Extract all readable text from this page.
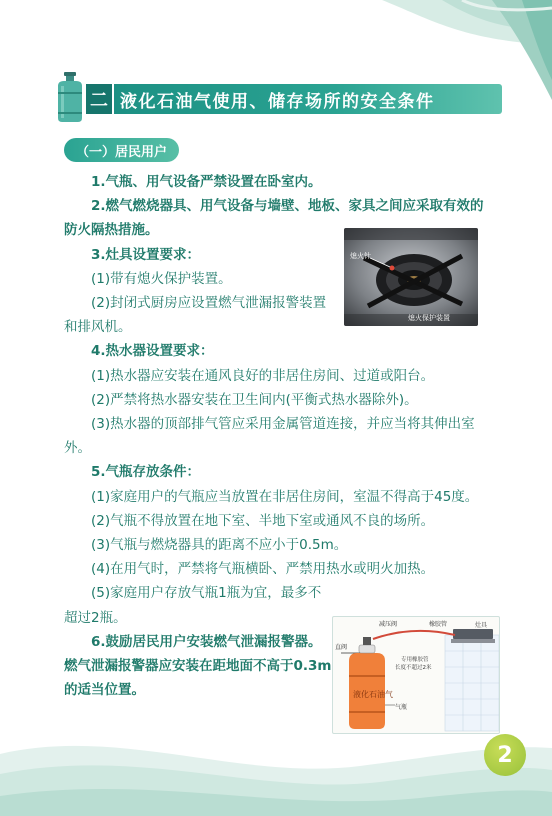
二 液化石油气使用、储存场所的安全条件
（一）居民用户

1.气瓶、用气设备严禁设置在卧室内。

2.燃气燃烧器具、用气设备与墙壁、地板、家具之间应采取有效的防火隔热措施。

3.灶具设置要求：

(1)带有熄火保护装置。

(2)封闭式厨房应设置燃气泄漏报警装置和排风机。

4.热水器设置要求：

(1)热水器应安装在通风良好的非居住房间、过道或阳台。

(2)严禁将热水器安装在卫生间内(平衡式热水器除外)。

(3)热水器的顶部排气管应采用金属管道连接，并应当将其伸出室外。

5.气瓶存放条件：

(1)家庭用户的气瓶应当放置在非居住房间，室温不得高于45度。

(2)气瓶不得放置在地下室、半地下室或通风不良的场所。

(3)气瓶与燃烧器具的距离不应小于0.5m。

(4)在用气时，严禁将气瓶横卧、严禁用热水或明火加热。

(5)家庭用户存放气瓶1瓶为宜，最多不超过2瓶。

6.鼓励居民用户安装燃气泄漏报警器。燃气泄漏报警器应安装在距地面不高于0.3m的适当位置。

熄火针
熄火保护装置
液化石油气
减压阀	橡胶管	灶具
直阀
专用橡胶管
长度不超过2米
气瓶
2
